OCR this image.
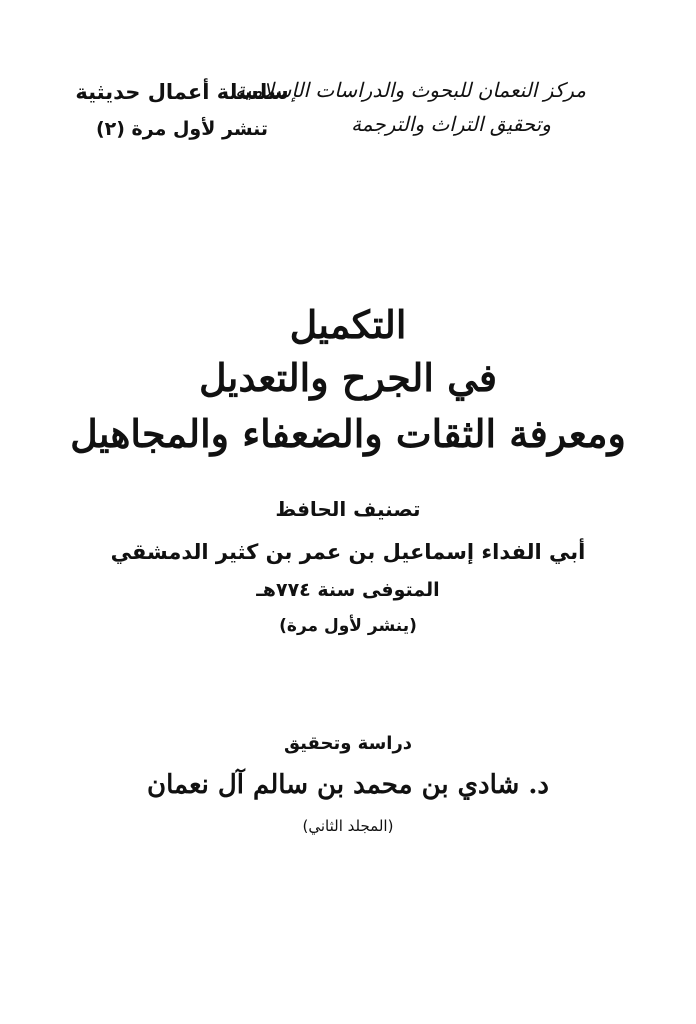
مركز النعمان للبحوث والدراسات الإسلامية
وتحقيق التراث والترجمة
سلسلة أعمال حديثية
تنشر لأول مرة (٢)
التكميل
في الجرح والتعديل
ومعرفة الثقات والضعفاء والمجاهيل
تصنيف الحافظ
أبي الفداء إسماعيل بن عمر بن كثير الدمشقي
المتوفى سنة ٧٧٤هـ
(ينشر لأول مرة)
دراسة وتحقيق
د. شادي بن محمد بن سالم آل نعمان
(المجلد الثاني)
